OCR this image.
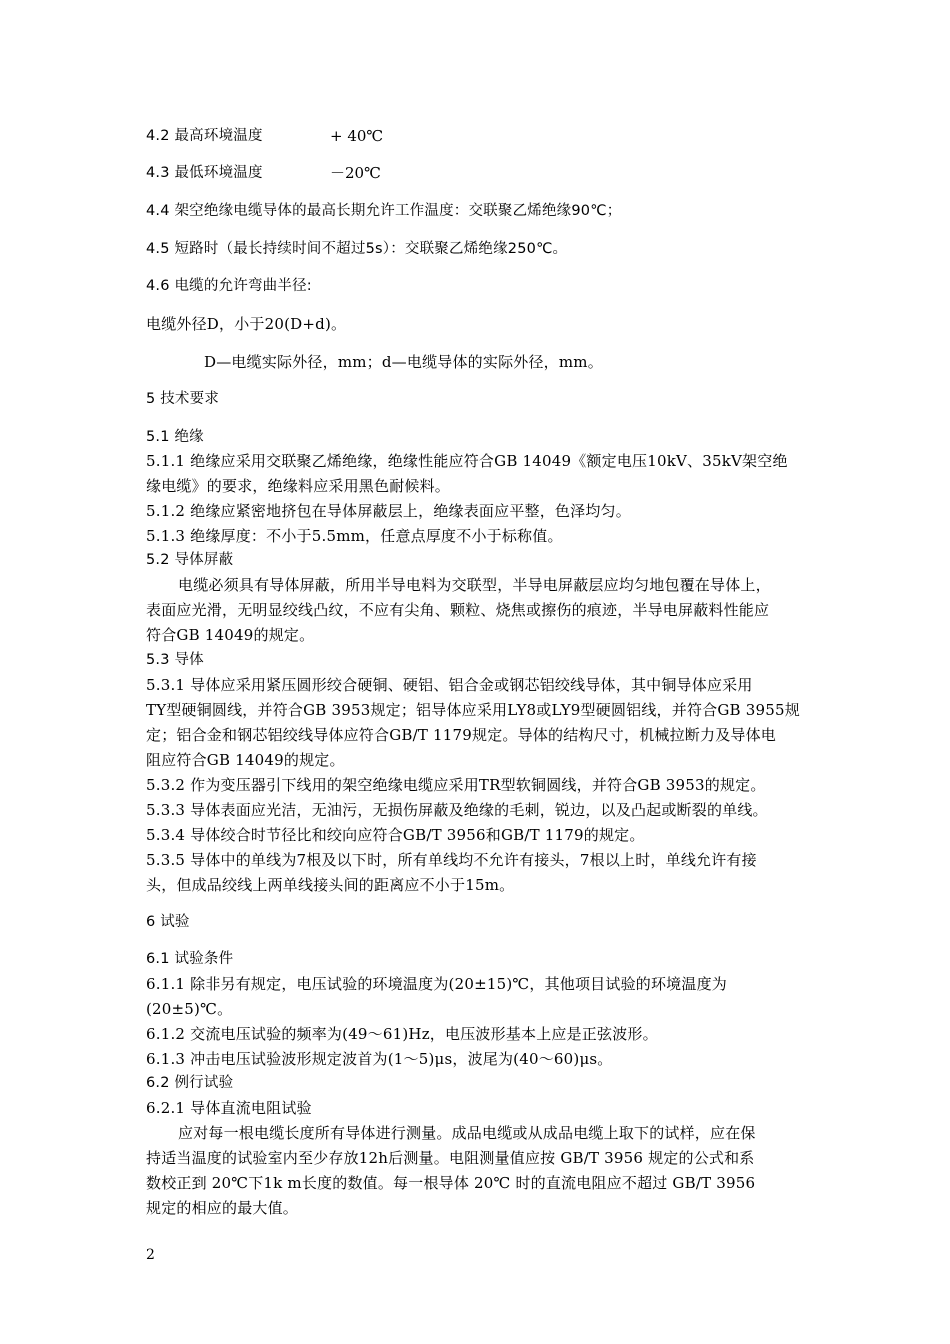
4.2 最高环境温度	+ 40℃
4.3 最低环境温度	－20℃
4.4 架空绝缘电缆导体的最高长期允许工作温度：交联聚乙烯绝缘90℃；
4.5 短路时（最长持续时间不超过5s）：交联聚乙烯绝缘250℃。
4.6 电缆的允许弯曲半径:
电缆外径D，小于20(D+d)。
D—电缆实际外径，mm；d—电缆导体的实际外径，mm。
5 技术要求
5.1 绝缘
5.1.1 绝缘应采用交联聚乙烯绝缘，绝缘性能应符合GB 14049《额定电压10kV、35kV架空绝
缘电缆》的要求，绝缘料应采用黑色耐候料。
5.1.2 绝缘应紧密地挤包在导体屏蔽层上，绝缘表面应平整，色泽均匀。
5.1.3 绝缘厚度：不小于5.5mm，任意点厚度不小于标称值。
5.2 导体屏蔽
电缆必须具有导体屏蔽，所用半导电料为交联型，半导电屏蔽层应均匀地包覆在导体上，
表面应光滑，无明显绞线凸纹，不应有尖角、颗粒、烧焦或擦伤的痕迹，半导电屏蔽料性能应
符合GB 14049的规定。
5.3 导体
5.3.1 导体应采用紧压圆形绞合硬铜、硬铝、铝合金或钢芯铝绞线导体，其中铜导体应采用
TY型硬铜圆线，并符合GB 3953规定；铝导体应采用LY8或LY9型硬圆铝线，并符合GB 3955规
定；铝合金和钢芯铝绞线导体应符合GB/T 1179规定。导体的结构尺寸，机械拉断力及导体电
阻应符合GB 14049的规定。
5.3.2 作为变压器引下线用的架空绝缘电缆应采用TR型软铜圆线，并符合GB 3953的规定。
5.3.3 导体表面应光洁，无油污，无损伤屏蔽及绝缘的毛刺，锐边，以及凸起或断裂的单线。
5.3.4 导体绞合时节径比和绞向应符合GB/T 3956和GB/T 1179的规定。
5.3.5 导体中的单线为7根及以下时，所有单线均不允许有接头，7根以上时，单线允许有接
头，但成品绞线上两单线接头间的距离应不小于15m。
6 试验
6.1 试验条件
6.1.1 除非另有规定，电压试验的环境温度为(20±15)℃，其他项目试验的环境温度为
(20±5)℃。
6.1.2 交流电压试验的频率为(49～61)Hz，电压波形基本上应是正弦波形。
6.1.3 冲击电压试验波形规定波首为(1～5)μs，波尾为(40～60)μs。
6.2 例行试验
6.2.1 导体直流电阻试验
应对每一根电缆长度所有导体进行测量。成品电缆或从成品电缆上取下的试样，应在保
持适当温度的试验室内至少存放12h后测量。电阻测量值应按 GB/T 3956 规定的公式和系
数校正到 20℃下1k m长度的数值。每一根导体 20℃ 时的直流电阻应不超过 GB/T 3956
规定的相应的最大值。
2
